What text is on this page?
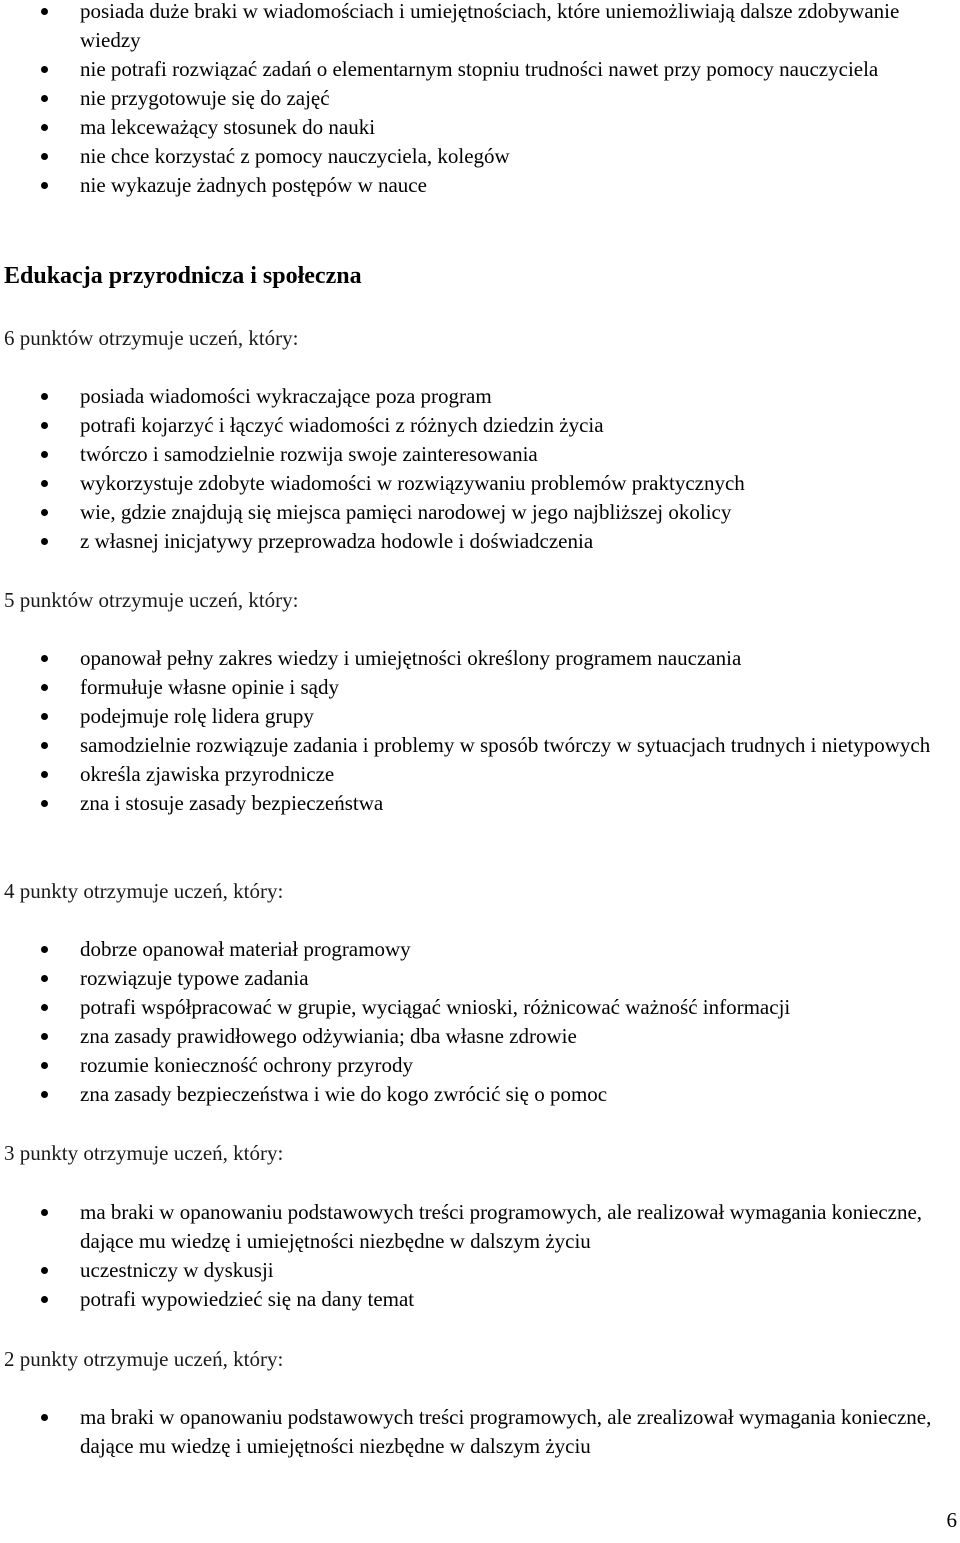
posiada duże braki w wiadomościach i umiejętnościach, które uniemożliwiają dalsze zdobywanie wiedzy
nie potrafi rozwiązać zadań o elementarnym stopniu trudności nawet przy pomocy nauczyciela
nie przygotowuje się do zajęć
ma lekceważący stosunek do nauki
nie chce korzystać z pomocy nauczyciela, kolegów
nie wykazuje żadnych postępów w nauce
Edukacja przyrodnicza i społeczna

6 punktów otrzymuje uczeń, który:

posiada wiadomości wykraczające poza program
potrafi kojarzyć i łączyć wiadomości z różnych dziedzin życia
twórczo i samodzielnie rozwija swoje zainteresowania
wykorzystuje zdobyte wiadomości w rozwiązywaniu problemów praktycznych
wie, gdzie znajdują się miejsca pamięci narodowej w jego najbliższej okolicy
z własnej inicjatywy przeprowadza hodowle i doświadczenia

5 punktów otrzymuje uczeń, który:

opanował pełny zakres wiedzy i umiejętności określony programem nauczania
formułuje własne opinie i sądy
podejmuje rolę lidera grupy
samodzielnie rozwiązuje zadania i problemy w sposób twórczy w sytuacjach trudnych i nietypowych
określa zjawiska przyrodnicze
zna i stosuje zasady bezpieczeństwa

4 punkty otrzymuje uczeń, który:

dobrze opanował materiał programowy
rozwiązuje typowe zadania
potrafi współpracować w grupie, wyciągać wnioski, różnicować ważność informacji
zna zasady prawidłowego odżywiania; dba własne zdrowie
rozumie konieczność ochrony przyrody
zna zasady bezpieczeństwa i wie do kogo zwrócić się o pomoc

3 punkty otrzymuje uczeń, który:

ma braki w opanowaniu podstawowych treści programowych, ale realizował wymagania konieczne, dające mu wiedzę i umiejętności niezbędne w dalszym życiu
uczestniczy w dyskusji
potrafi wypowiedzieć się na dany temat

2 punkty otrzymuje uczeń, który:

ma braki w opanowaniu podstawowych treści programowych, ale zrealizował wymagania konieczne, dające mu wiedzę i umiejętności niezbędne w dalszym życiu
6
